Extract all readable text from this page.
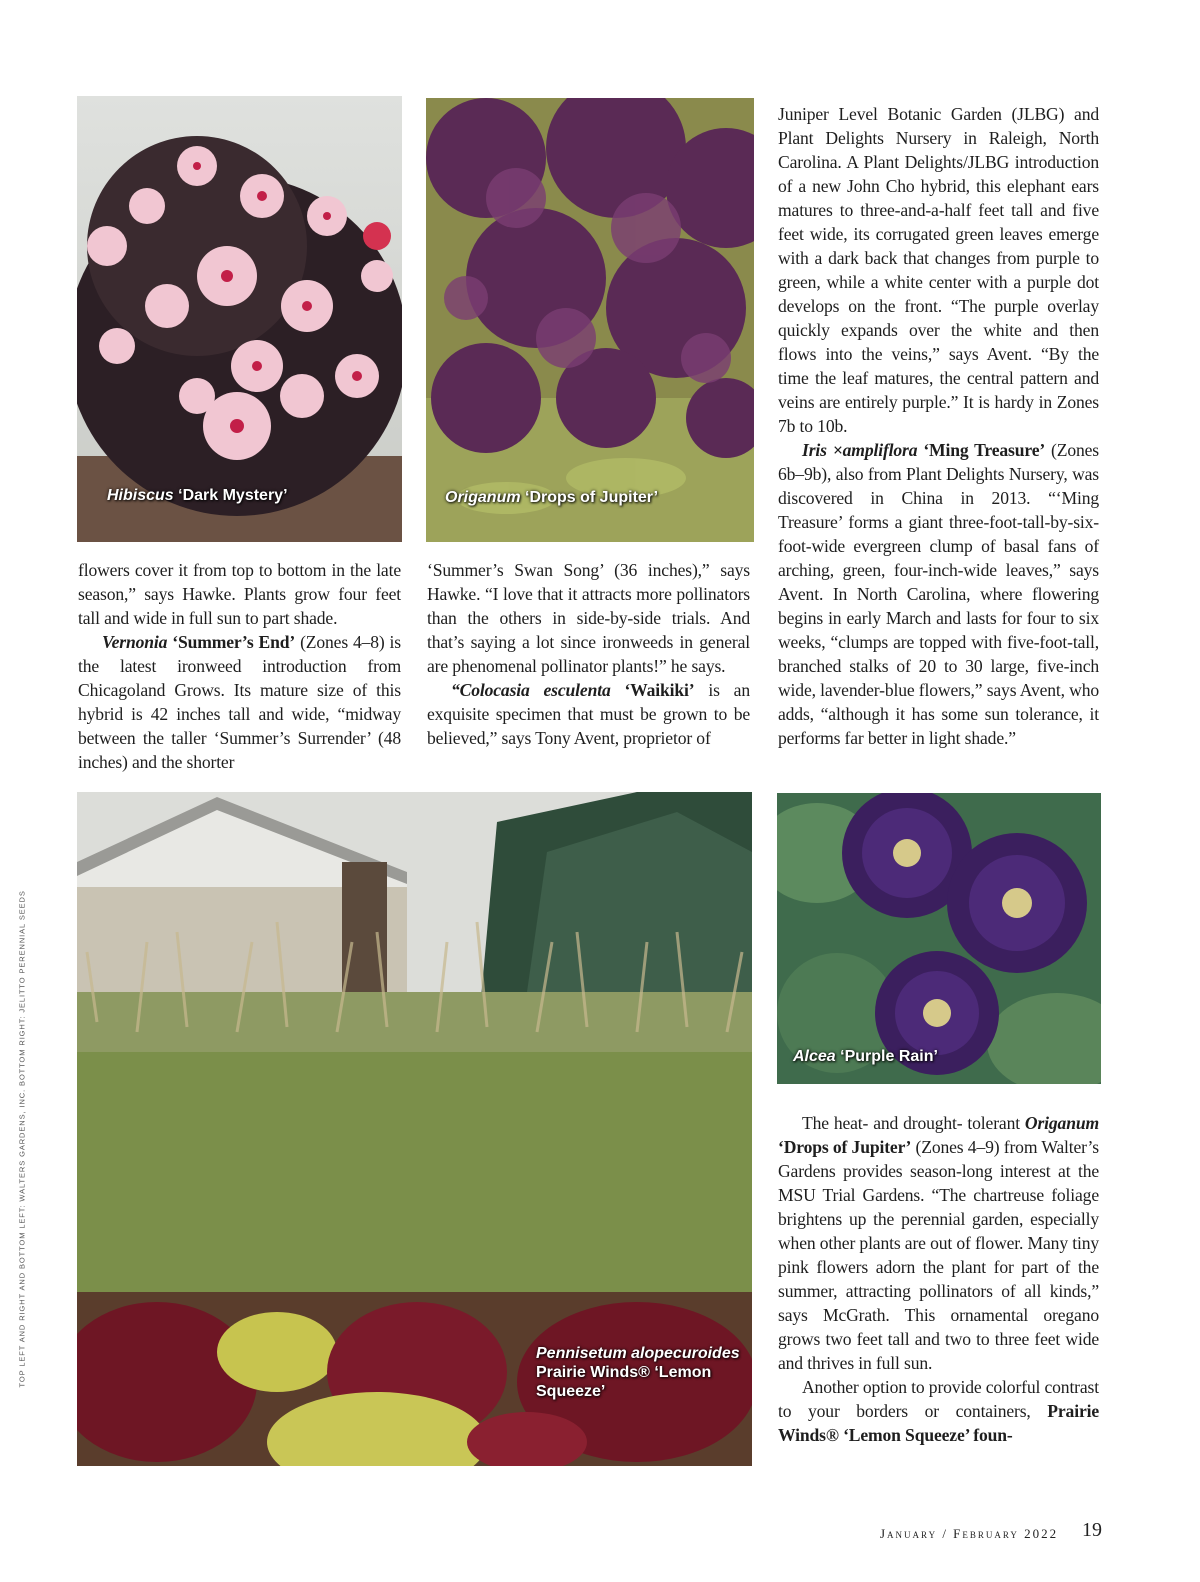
Hibiscus ‘Dark Mystery’	Origanum ‘Drops of Jupiter’
Pennisetum alopecuroides
Prairie Winds® ‘Lemon
Squeeze’
Alcea ‘Purple Rain’

flowers cover it from top to bottom in the late season,” says Hawke. Plants grow four feet tall and wide in full sun to part shade.

Vernonia ‘Summer’s End’ (Zones 4–8) is the latest ironweed introduction from Chicagoland Grows. Its mature size of this hybrid is 42 inches tall and wide, “midway between the taller ‘Summer’s Surrender’ (48 inches) and the shorter

‘Summer’s Swan Song’ (36 inches),” says Hawke. “I love that it attracts more pollinators than the others in side-by-side trials. And that’s saying a lot since ironweeds in general are phenomenal pollinator plants!” he says.

“Colocasia esculenta ‘Waikiki’ is an exquisite specimen that must be grown to be believed,” says Tony Avent, proprietor of

Juniper Level Botanic Garden (JLBG) and Plant Delights Nursery in Raleigh, North Carolina. A Plant Delights/JLBG introduction of a new John Cho hybrid, this elephant ears matures to three-and-a-half feet tall and five feet wide, its corrugated green leaves emerge with a dark back that changes from purple to green, while a white center with a purple dot develops on the front. “The purple overlay quickly expands over the white and then flows into the veins,” says Avent. “By the time the leaf matures, the central pattern and veins are entirely purple.” It is hardy in Zones 7b to 10b.

Iris ×ampliflora ‘Ming Treasure’ (Zones 6b–9b), also from Plant Delights Nursery, was discovered in China in 2013. “‘Ming Treasure’ forms a giant three-foot-tall-by-six-foot-wide evergreen clump of basal fans of arching, green, four-inch-wide leaves,” says Avent. In North Carolina, where flowering begins in early March and lasts for four to six weeks, “clumps are topped with five-foot-tall, branched stalks of 20 to 30 large, five-inch wide, lavender-blue flowers,” says Avent, who adds, “although it has some sun tolerance, it performs far better in light shade.”

The heat- and drought- tolerant Origanum ‘Drops of Jupiter’ (Zones 4–9) from Walter’s Gardens provides season-long interest at the MSU Trial Gardens. “The chartreuse foliage brightens up the perennial garden, especially when other plants are out of flower. Many tiny pink flowers adorn the plant for part of the summer, attracting pollinators of all kinds,” says McGrath. This ornamental oregano grows two feet tall and two to three feet wide and thrives in full sun.

Another option to provide colorful contrast to your borders or containers, Prairie Winds® ‘Lemon Squeeze’ foun-

TOP LEFT AND RIGHT AND BOTTOM LEFT: WALTERS GARDENS, INC. BOTTOM RIGHT: JELITTO PERENNIAL SEEDS
January / February 2022 19
